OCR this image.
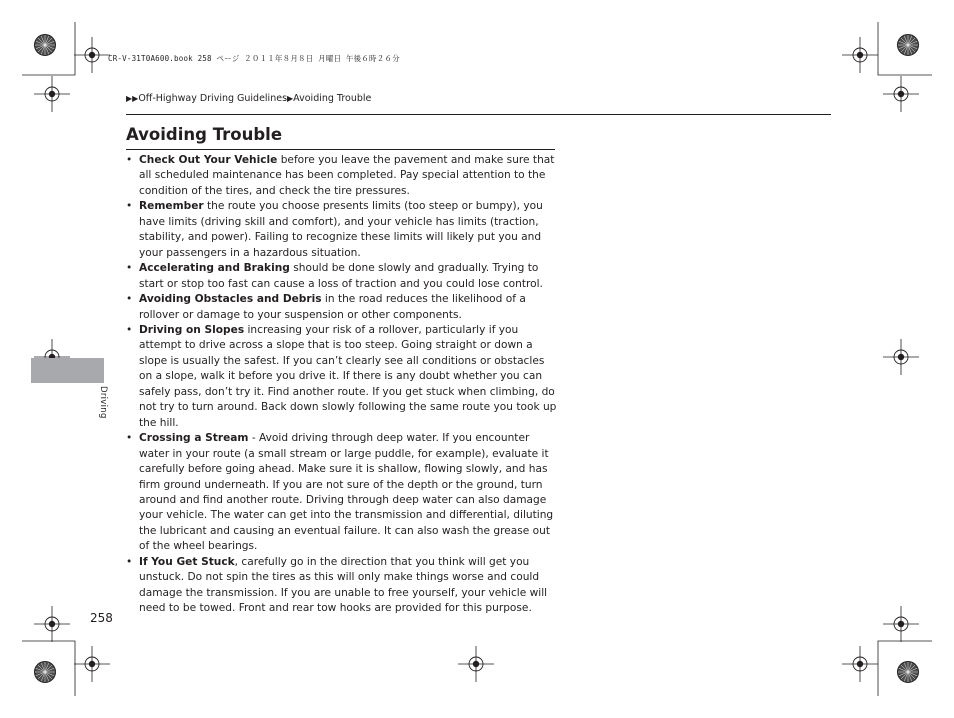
CR-V-31T0A600.book 258 ページ ２０１１年８月８日 月曜日 午後６時２６分
▶▶Off-Highway Driving Guidelines▶Avoiding Trouble
Avoiding Trouble
• Check Out Your Vehicle before you leave the pavement and make sure that all scheduled maintenance has been completed. Pay special attention to the condition of the tires, and check the tire pressures.
• Remember the route you choose presents limits (too steep or bumpy), you have limits (driving skill and comfort), and your vehicle has limits (traction, stability, and power). Failing to recognize these limits will likely put you and your passengers in a hazardous situation.
• Accelerating and Braking should be done slowly and gradually. Trying to start or stop too fast can cause a loss of traction and you could lose control.
• Avoiding Obstacles and Debris in the road reduces the likelihood of a rollover or damage to your suspension or other components.
• Driving on Slopes increasing your risk of a rollover, particularly if you attempt to drive across a slope that is too steep. Going straight or down a slope is usually the safest. If you can’t clearly see all conditions or obstacles on a slope, walk it before you drive it. If there is any doubt whether you can safely pass, don’t try it. Find another route. If you get stuck when climbing, do not try to turn around. Back down slowly following the same route you took up the hill.
• Crossing a Stream - Avoid driving through deep water. If you encounter water in your route (a small stream or large puddle, for example), evaluate it carefully before going ahead. Make sure it is shallow, flowing slowly, and has firm ground underneath. If you are not sure of the depth or the ground, turn around and find another route. Driving through deep water can also damage your vehicle. The water can get into the transmission and differential, diluting the lubricant and causing an eventual failure. It can also wash the grease out of the wheel bearings.
• If You Get Stuck, carefully go in the direction that you think will get you unstuck. Do not spin the tires as this will only make things worse and could damage the transmission. If you are unable to free yourself, your vehicle will need to be towed. Front and rear tow hooks are provided for this purpose.
Driving
258
